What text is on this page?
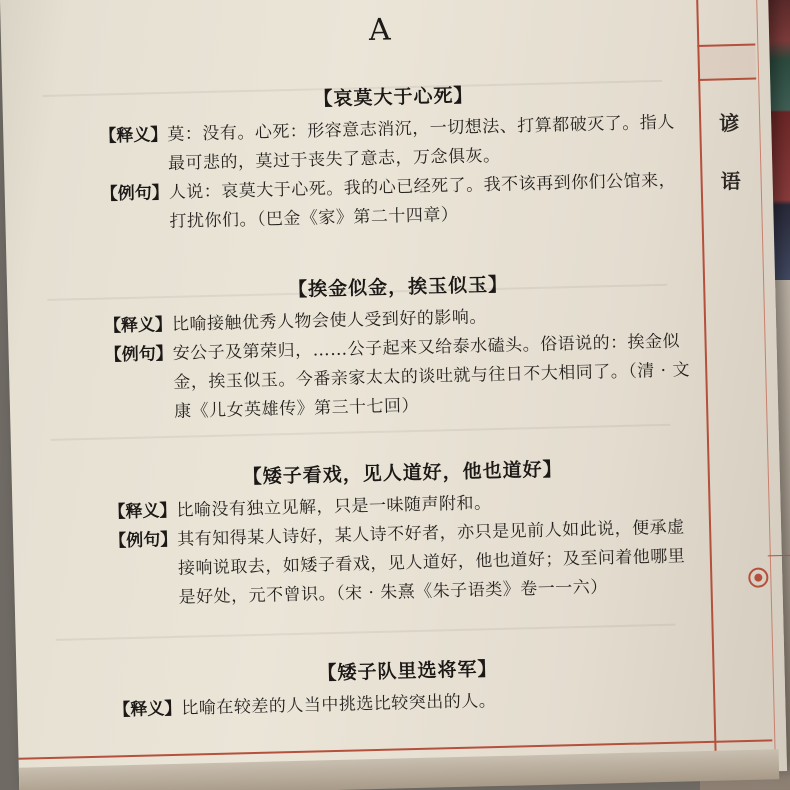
谚
语
A
【哀莫大于心死】
【释义】 莫：没有。心死：形容意志消沉，一切想法、打算都破灭了。指人最可悲的，莫过于丧失了意志，万念俱灰。
【例句】 人说：哀莫大于心死。我的心已经死了。我不该再到你们公馆来，打扰你们。（巴金《家》第二十四章）
【挨金似金，挨玉似玉】
【释义】 比喻接触优秀人物会使人受到好的影响。
【例句】 安公子及第荣归，……公子起来又给泰水磕头。俗语说的：挨金似金，挨玉似玉。今番亲家太太的谈吐就与往日不大相同了。（清 · 文康《儿女英雄传》第三十七回）
【矮子看戏，见人道好，他也道好】
【释义】 比喻没有独立见解，只是一味随声附和。
【例句】 其有知得某人诗好，某人诗不好者，亦只是见前人如此说，便承虚接响说取去，如矮子看戏，见人道好，他也道好；及至问着他哪里是好处，元不曾识。（宋 · 朱熹《朱子语类》卷一一六）
【矮子队里选将军】
【释义】 比喻在较差的人当中挑选比较突出的人。
